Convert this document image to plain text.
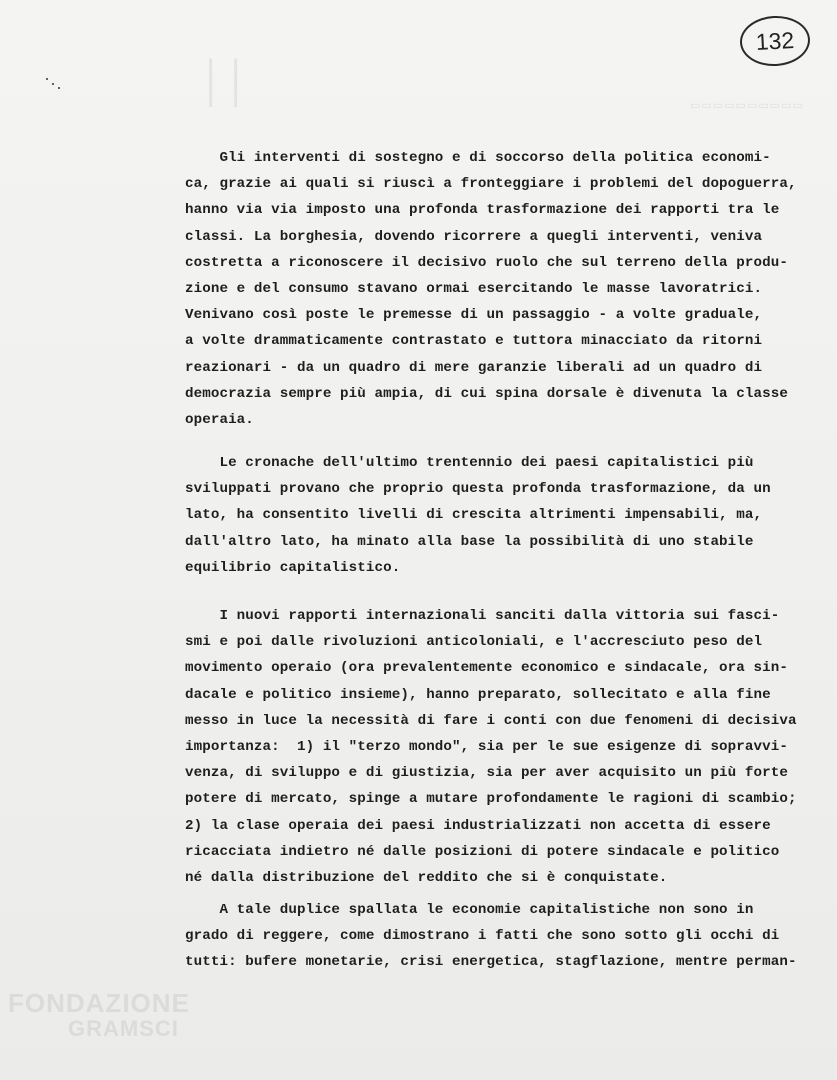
││
▭▭▭▭▭▭▭▭▭▭
132
Gli interventi di sostegno e di soccorso della politica economi-
ca, grazie ai quali si riuscì a fronteggiare i problemi del dopoguerra,
hanno via via imposto una profonda trasformazione dei rapporti tra le
classi. La borghesia, dovendo ricorrere a quegli interventi, veniva
costretta a riconoscere il decisivo ruolo che sul terreno della produ-
zione e del consumo stavano ormai esercitando le masse lavoratrici.
Venivano così poste le premesse di un passaggio - a volte graduale,
a volte drammaticamente contrastato e tuttora minacciato da ritorni
reazionari - da un quadro di mere garanzie liberali ad un quadro di
democrazia sempre più ampia, di cui spina dorsale è divenuta la classe
operaia.
Le cronache dell'ultimo trentennio dei paesi capitalistici più
sviluppati provano che proprio questa profonda trasformazione, da un
lato, ha consentito livelli di crescita altrimenti impensabili, ma,
dall'altro lato, ha minato alla base la possibilità di uno stabile
equilibrio capitalistico.
I nuovi rapporti internazionali sanciti dalla vittoria sui fasci-
smi e poi dalle rivoluzioni anticoloniali, e l'accresciuto peso del
movimento operaio (ora prevalentemente economico e sindacale, ora sin-
dacale e politico insieme), hanno preparato, sollecitato e alla fine
messo in luce la necessità di fare i conti con due fenomeni di decisiva
importanza:  1) il "terzo mondo", sia per le sue esigenze di sopravvi-
venza, di sviluppo e di giustizia, sia per aver acquisito un più forte
potere di mercato, spinge a mutare profondamente le ragioni di scambio;
2) la clase operaia dei paesi industrializzati non accetta di essere
ricacciata indietro né dalle posizioni di potere sindacale e politico
né dalla distribuzione del reddito che si è conquistate.
A tale duplice spallata le economie capitalistiche non sono in
grado di reggere, come dimostrano i fatti che sono sotto gli occhi di
tutti: bufere monetarie, crisi energetica, stagflazione, mentre perman-
FONDAZIONE
GRAMSCI
